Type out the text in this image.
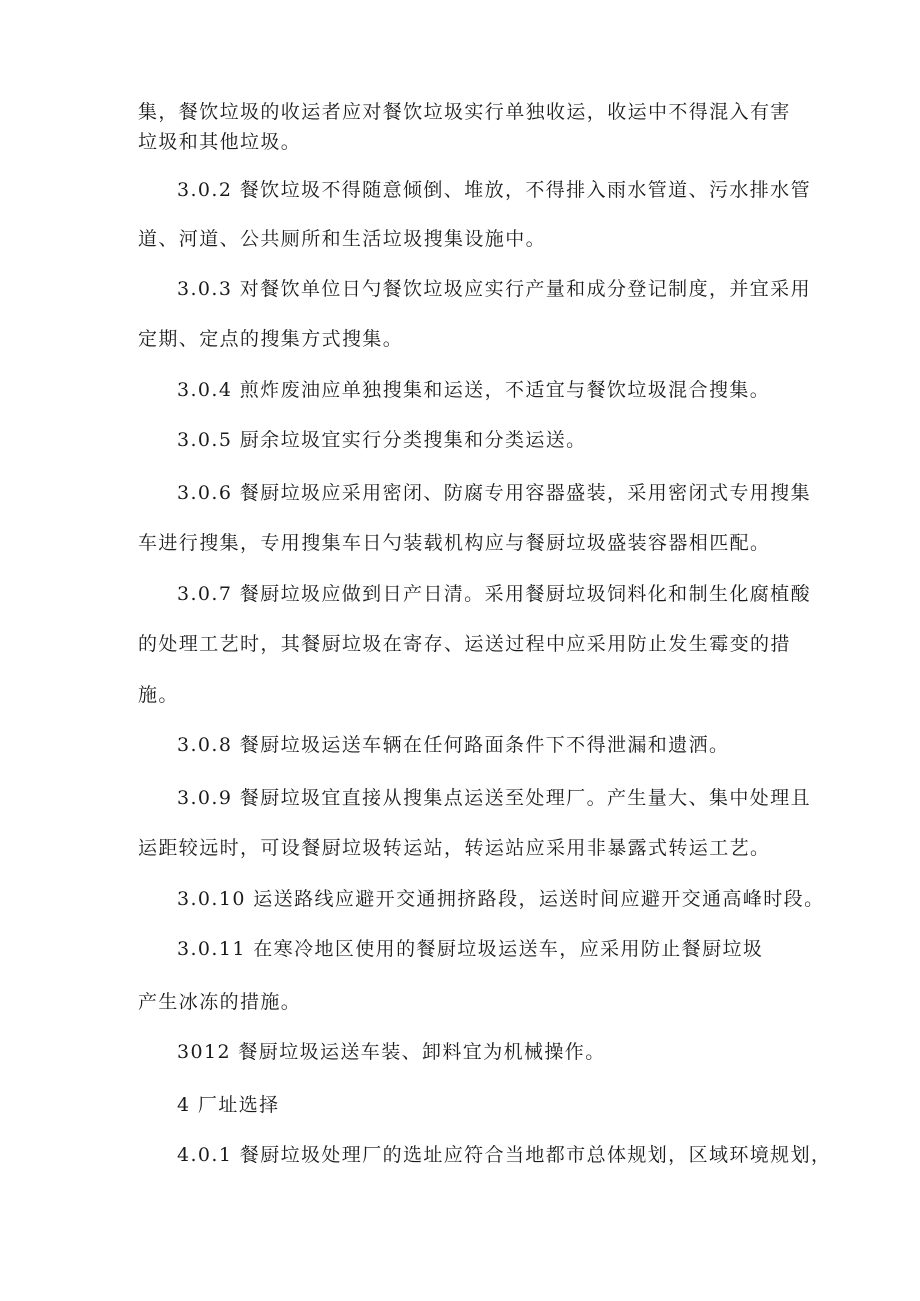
集，餐饮垃圾的收运者应对餐饮垃圾实行单独收运，收运中不得混入有害
垃圾和其他垃圾。
3.0.2 餐饮垃圾不得随意倾倒、堆放，不得排入雨水管道、污水排水管
道、河道、公共厕所和生活垃圾搜集设施中。
3.0.3 对餐饮单位日勺餐饮垃圾应实行产量和成分登记制度，并宜采用
定期、定点的搜集方式搜集。
3.0.4 煎炸废油应单独搜集和运送，不适宜与餐饮垃圾混合搜集。
3.0.5 厨余垃圾宜实行分类搜集和分类运送。
3.0.6 餐厨垃圾应采用密闭、防腐专用容器盛装，采用密闭式专用搜集
车进行搜集，专用搜集车日勺装载机构应与餐厨垃圾盛装容器相匹配。
3.0.7 餐厨垃圾应做到日产日清。采用餐厨垃圾饲料化和制生化腐植酸
的处理工艺时，其餐厨垃圾在寄存、运送过程中应采用防止发生霉变的措
施。
3.0.8 餐厨垃圾运送车辆在任何路面条件下不得泄漏和遗洒。
3.0.9 餐厨垃圾宜直接从搜集点运送至处理厂。产生量大、集中处理且
运距较远时，可设餐厨垃圾转运站，转运站应采用非暴露式转运工艺。
3.0.10 运送路线应避开交通拥挤路段，运送时间应避开交通高峰时段。
3.0.11 在寒冷地区使用的餐厨垃圾运送车，应采用防止餐厨垃圾
产生冰冻的措施。
3012 餐厨垃圾运送车装、卸料宜为机械操作。
4 厂址选择
4.0.1 餐厨垃圾处理厂的选址应符合当地都市总体规划，区域环境规划，
